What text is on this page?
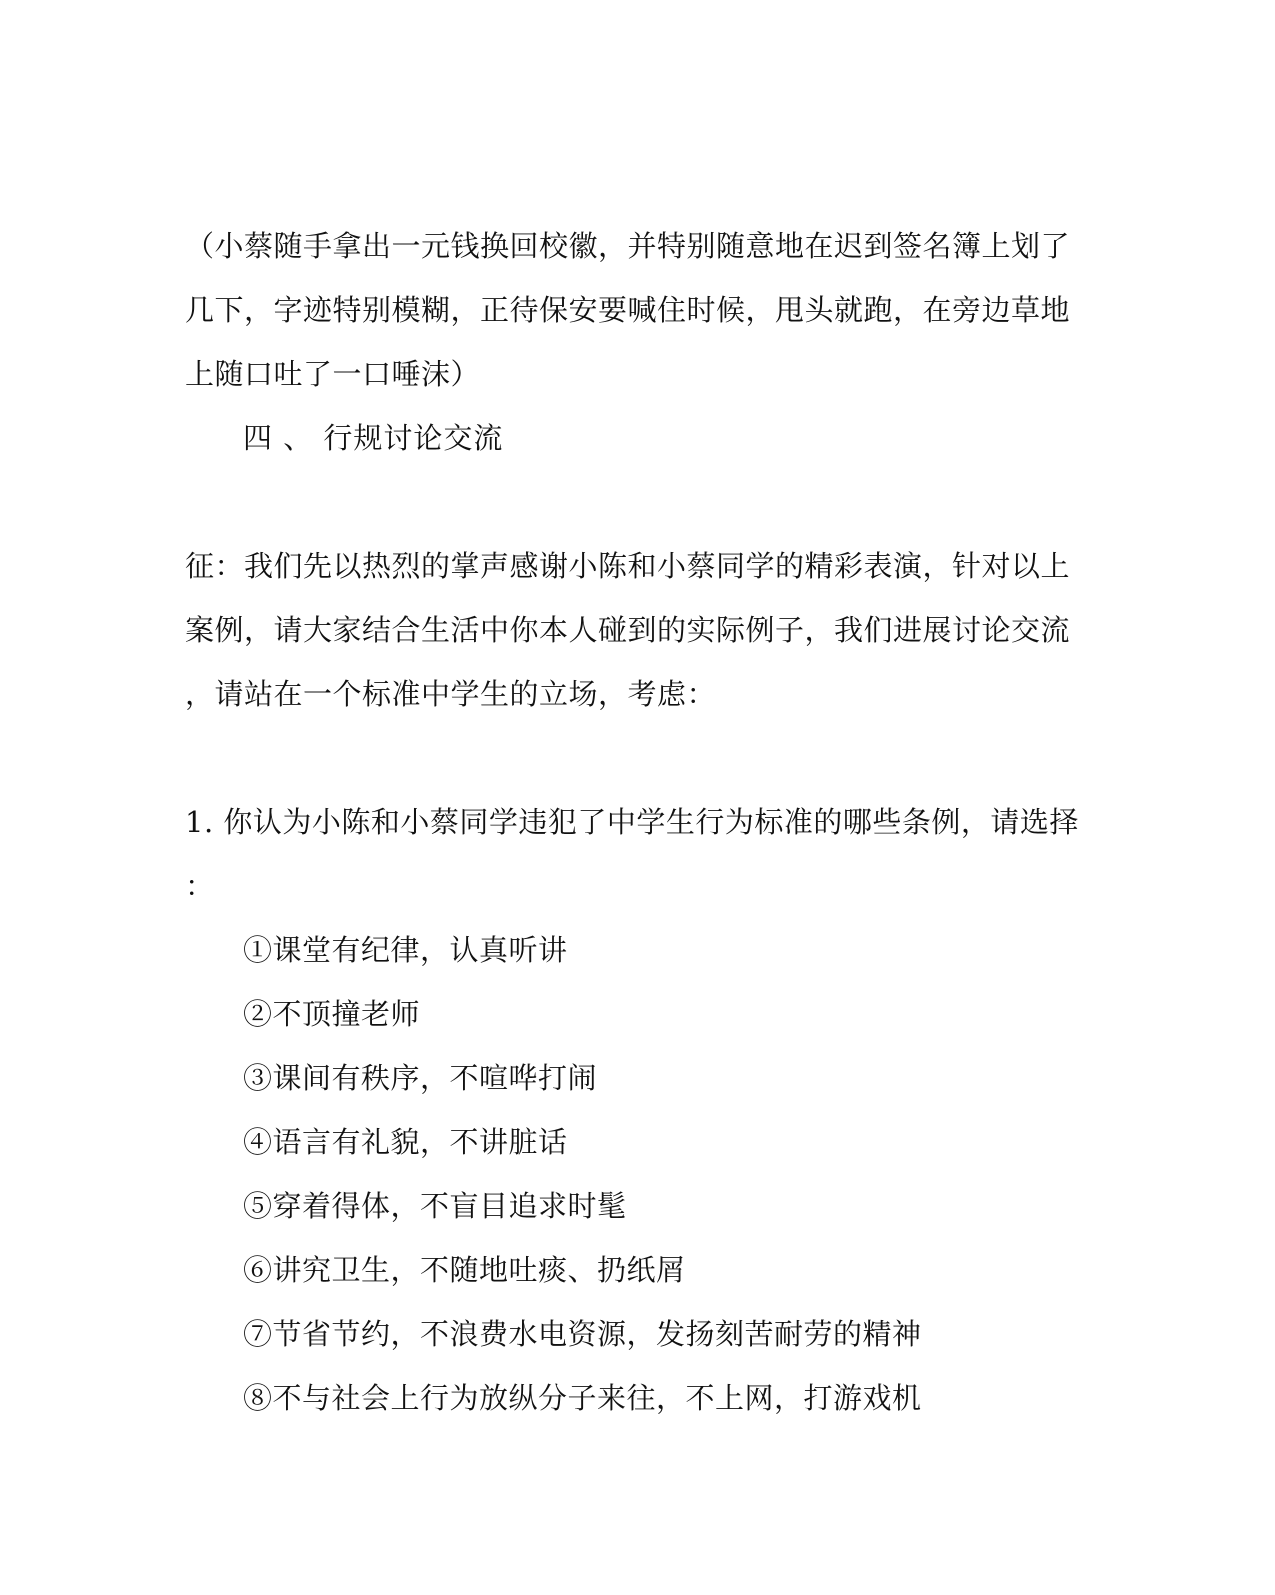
（小蔡随手拿出一元钱换回校徽，并特别随意地在迟到签名簿上划了
几下，字迹特别模糊，正待保安要喊住时候，甩头就跑，在旁边草地
上随口吐了一口唾沫）
四 、 行规讨论交流
征：我们先以热烈的掌声感谢小陈和小蔡同学的精彩表演，针对以上
案例，请大家结合生活中你本人碰到的实际例子，我们进展讨论交流
，请站在一个标准中学生的立场，考虑：
1. 你认为小陈和小蔡同学违犯了中学生行为标准的哪些条例，请选择
：
①课堂有纪律，认真听讲
②不顶撞老师
③课间有秩序，不喧哗打闹
④语言有礼貌，不讲脏话
⑤穿着得体，不盲目追求时髦
⑥讲究卫生，不随地吐痰、扔纸屑
⑦节省节约，不浪费水电资源，发扬刻苦耐劳的精神
⑧不与社会上行为放纵分子来往，不上网，打游戏机
